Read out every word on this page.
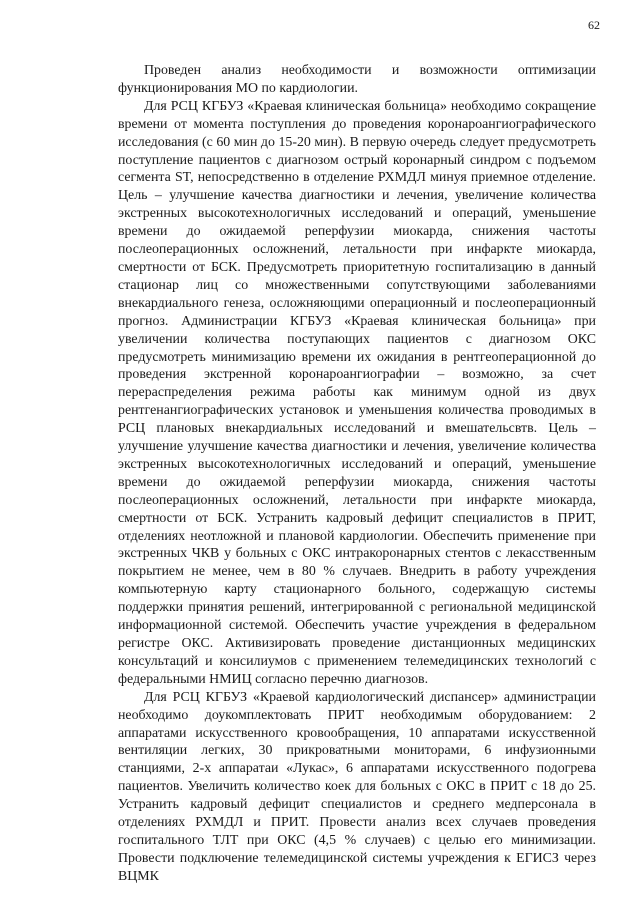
62

Проведен анализ необходимости и возможности оптимизации функционирования МО по кардиологии.

Для РСЦ КГБУЗ «Краевая клиническая больница» необходимо сокращение времени от момента поступления до проведения коронароангиографического исследования (с 60 мин до 15-20 мин). В первую очередь следует предусмотреть поступление пациентов с диагнозом острый коронарный синдром с подъемом сегмента ST, непосредственно в отделение РХМДЛ минуя приемное отделение. Цель – улучшение качества диагностики и лечения, увеличение количества экстренных высокотехнологичных исследований и операций, уменьшение времени до ожидаемой реперфузии миокарда, снижения частоты послеоперационных осложнений, летальности при инфаркте миокарда, смертности от БСК. Предусмотреть приоритетную госпитализацию в данный стационар лиц со множественными сопутствующими заболеваниями внекардиального генеза, осложняющими операционный и послеоперационный прогноз. Администрации КГБУЗ «Краевая клиническая больница» при увеличении количества поступающих пациентов с диагнозом ОКС предусмотреть минимизацию времени их ожидания в рентгеоперационной до проведения экстренной коронароангиографии – возможно, за счет перераспределения режима работы как минимум одной из двух рентгенангиографических установок и уменьшения количества проводимых в РСЦ плановых внекардиальных исследований и вмешательсвтв. Цель – улучшение улучшение качества диагностики и лечения, увеличение количества экстренных высокотехнологичных исследований и операций, уменьшение времени до ожидаемой реперфузии миокарда, снижения частоты послеоперационных осложнений, летальности при инфаркте миокарда, смертности от БСК. Устранить кадровый дефицит специалистов в ПРИТ, отделениях неотложной и плановой кардиологии. Обеспечить применение при экстренных ЧКВ у больных с ОКС интракоронарных стентов с лекасственным покрытием не менее, чем в 80 % случаев. Внедрить в работу учреждения компьютерную карту стационарного больного, содержащую системы поддержки принятия решений, интегрированной с региональной медицинской информационной системой. Обеспечить участие учреждения в федеральном регистре ОКС. Активизировать проведение дистанционных медицинских консультаций и консилиумов с применением телемедицинских технологий с федеральными НМИЦ согласно перечню диагнозов.

Для РСЦ КГБУЗ «Краевой кардиологический диспансер» администрации необходимо доукомплектовать ПРИТ необходимым оборудованием: 2 аппаратами искусственного кровообращения, 10 аппаратами искусственной вентиляции легких, 30 прикроватными мониторами, 6 инфузионными станциями, 2-х аппаратаи «Лукас», 6 аппаратами искусственного подогрева пациентов. Увеличить количество коек для больных с ОКС в ПРИТ с 18 до 25. Устранить кадровый дефицит специалистов и среднего медперсонала в отделениях РХМДЛ и ПРИТ. Провести анализ всех случаев проведения госпитального ТЛТ при ОКС (4,5 % случаев) с целью его минимизации. Провести подключение телемедицинской системы учреждения к ЕГИСЗ через ВЦМК
